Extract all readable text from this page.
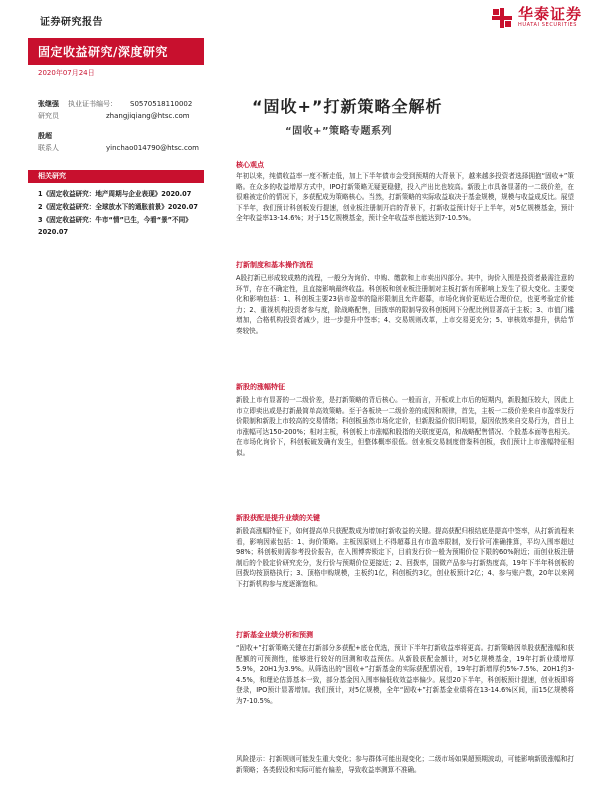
证券研究报告	华泰证券
HUATAI SECURITIES
固定收益研究/深度研究
2020年07月24日
张继强	执业证书编号：	S0570518110002
研究员	zhangjiqiang@htsc.com
殷超
联系人	yinchao014790@htsc.com
相关研究
1《固定收益研究：地产周期与企业表现》2020.07
2《固定收益研究：全球放水下的通胀前景》2020.07
3《固定收益研究：牛市“情”已生，今看“景”不同》2020.07
“固收+”打新策略全解析
“固收+”策略专题系列
核心观点
年初以来，纯债收益率一度不断走低，加上下半年债市会受到预期的大背景下，越来越多投资者选择拥抱“固收+”策略。在众多的收益增厚方式中，IPO打新策略无疑更稳健，投入产出比也较高。新股上市具备显著的一二级价差，在很难被定价的情况下，多获配成为策略核心。当然，打新策略的实际收益取决于基金规模，规模与收益成反比。展望下半年，我们预计科创板发行提速，创业板注册制开启的背景下，打新收益预计好于上半年，对5亿规模基金，预计全年收益率13-14.6%；对于15亿规模基金，预计全年收益率也能达到7-10.5%。
打新制度和基本操作流程
A股打新已形成较成熟的流程，一般分为询价、申购、缴款和上市卖出四部分。其中，询价入围是投资者最需注意的环节，存在不确定性，且直接影响最终收益。科创板和创业板注册制对主板打新有所影响上发生了很大变化。主要变化和影响包括：1、科创板主要23倍市盈率的隐形限制且允许超募，市场化询价更贴近合理价位，也更考验定价能力；2、重视机构投资者参与度，除战略配售，回拨率的限制导致科创板网下分配比例显著高于主板；3、市值门槛增加，合格机构投资者减少，进一步提升中签率；4、交易规则改革，上市交易更充分；5、审核效率提升，供给节奏较快。
新股的涨幅特征
新股上市有显著的一二级价差，是打新策略的背后核心。一般而言，开板或上市后的短期内，新股抛压较大，因此上市立即卖出或是打新最简单高效策略。至于各板块一二级价差的成因和规律，首先，主板一二级价差来自市盈率发行价限制和新股上市较高的交易情绪；科创板虽然市场化定价，但新股溢价依旧明显，原因依然来自交易行为，首日上市涨幅可达150-200%；相对主板，科创板上市涨幅和股指的关联度更高，和战略配售情况、个股基本面等也相关。在市场化询价下，科创板破发确有发生，但整体概率很低。创业板交易制度借鉴科创板，我们预计上市涨幅特征相似。
新股获配是提升业绩的关键
新股高涨幅特征下，如何提高单只获配数成为增加打新收益的关键。提高获配归根结底是提高中签率，从打新流程来看，影响因素包括：1、询价策略。主板因原则上不得超募且有市盈率限制，发行价可准确推算，平均入围率超过98%；科创板则需参考投价报告，在入围博弈锁定下，目前发行价一般为预期价位下限的60%附近；而创业板注册制后的个股定价研究充分，发行价与预期价位更接近；2、回拨率，国微产品参与打新热度高，19年下半年科创板的回拨均按顶格执行；3、顶格申购规模，主板约1亿，科创板约3亿，创业板预计2亿；4、参与账户数，20年以来网下打新机构参与度逐渐饱和。
打新基金业绩分析和预测
“固收+”打新策略关键在打新部分多获配+底仓优选，预计下半年打新收益率将更高。打新策略因单股获配涨幅和获配额的可预测性，能够进行较好的回测和收益预估。从新股获配金额计，对5亿规模基金，19年打新业绩增厚5.9%，20H1为3.9%。从筛选出的“固收+”打新基金的实际获配情况看，19年打新增厚约5%-7.5%、20H1约3-4.5%，和理论估算基本一致，部分基金因入围率偏低收效益率偏少。展望20下半年，科创板预计提速，创业板即将登录，IPO预计显著增加。我们预计，对5亿规模，全年“固收+”打新基金业绩将在13-14.6%区间，而15亿规模将为7-10.5%。
风险提示：打新规则可能发生重大变化；参与群体可能出现变化；二级市场如果超预期波动，可能影响新股涨幅和打新策略；各类假设和实际可能有偏差，导致收益率测算不准确。
